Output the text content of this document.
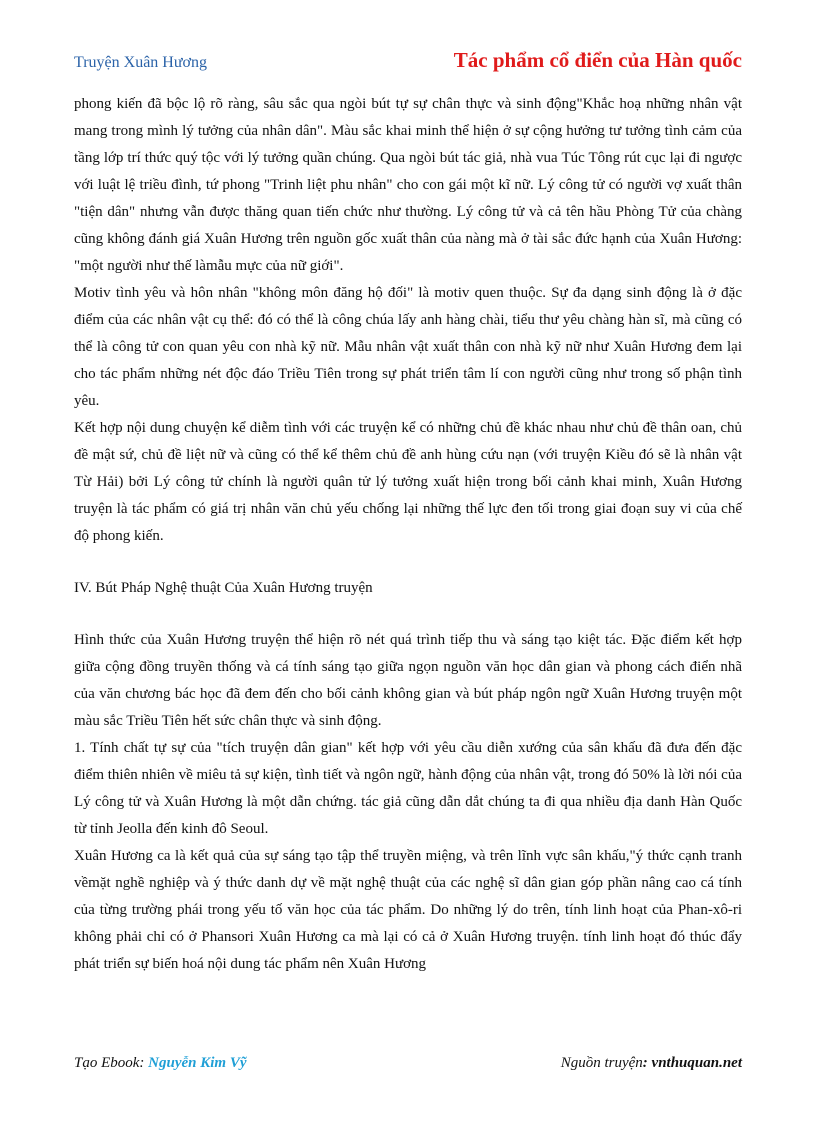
Truyện Xuân Hương	Tác phẩm cổ điển của Hàn quốc

phong kiến đã bộc lộ rõ ràng, sâu sắc qua ngòi bút tự sự chân thực và sinh động"Khắc hoạ những nhân vật mang trong mình lý tưởng của nhân dân". Màu sắc khai minh thể hiện ở sự cộng hưởng tư tưởng tình cảm của tầng lớp trí thức quý tộc với lý tưởng quần chúng. Qua ngòi bút tác giả, nhà vua Túc Tông rút cục lại đi ngược với luật lệ triều đình, tứ phong "Trinh liệt phu nhân" cho con gái một kĩ nữ. Lý công tử có người vợ xuất thân "tiện dân" nhưng vẫn được thăng quan tiến chức như thường. Lý công tử và cả tên hầu Phòng Tử của chàng cũng không đánh giá Xuân Hương trên nguồn gốc xuất thân của nàng mà ở tài sắc đức hạnh của Xuân Hương: "một người như thế làmẫu mực của nữ giới".

Motiv tình yêu và hôn nhân "không môn đăng hộ đối" là motiv quen thuộc. Sự đa dạng sinh động là ở đặc điểm của các nhân vật cụ thể: đó có thể là công chúa lấy anh hàng chài, tiểu thư yêu chàng hàn sĩ, mà cũng có thể là công tử con quan yêu con nhà kỹ nữ. Mẫu nhân vật xuất thân con nhà kỹ nữ như Xuân Hương đem lại cho tác phẩm những nét độc đáo Triều Tiên trong sự phát triển tâm lí con người cũng như trong số phận tình yêu.

Kết hợp nội dung chuyện kể diễm tình với các truyện kể có những chủ đề khác nhau như chủ đề thân oan, chủ đề mật sứ, chủ đề liệt nữ và cũng có thể kể thêm chủ đề anh hùng cứu nạn (với truyện Kiều đó sẽ là nhân vật Từ Hải) bởi Lý công tử chính là người quân tử lý tưởng xuất hiện trong bối cảnh khai minh, Xuân Hương truyện là tác phẩm có giá trị nhân văn chủ yếu chống lại những thế lực đen tối trong giai đoạn suy vi của chế độ phong kiến.

IV. Bút Pháp Nghệ thuật Của Xuân Hương truyện

Hình thức của Xuân Hương truyện thể hiện rõ nét quá trình tiếp thu và sáng tạo kiệt tác. Đặc điểm kết hợp giữa cộng đồng truyền thống và cá tính sáng tạo giữa ngọn nguồn văn học dân gian và phong cách điển nhã của văn chương bác học đã đem đến cho bối cảnh không gian và bút pháp ngôn ngữ Xuân Hương truyện một màu sắc Triều Tiên hết sức chân thực và sinh động.

1. Tính chất tự sự của "tích truyện dân gian" kết hợp với yêu cầu diễn xướng của sân khấu đã đưa đến đặc điểm thiên nhiên về miêu tả sự kiện, tình tiết và ngôn ngữ, hành động của nhân vật, trong đó 50% là lời nói của Lý công tử và Xuân Hương là một dẫn chứng. tác giả cũng dẫn dắt chúng ta đi qua nhiều địa danh Hàn Quốc từ tỉnh Jeolla đến kinh đô Seoul.

Xuân Hương ca là kết quả của sự sáng tạo tập thể truyền miệng, và trên lĩnh vực sân khấu,"ý thức cạnh tranh vềmặt nghề nghiệp và ý thức danh dự về mặt nghệ thuật của các nghệ sĩ dân gian góp phần nâng cao cá tính của từng trường phái trong yếu tố văn học của tác phẩm. Do những lý do trên, tính linh hoạt của Phan-xô-ri không phải chỉ có ở Phansori Xuân Hương ca mà lại có cả ở Xuân Hương truyện. tính linh hoạt đó thúc đẩy phát triển sự biến hoá nội dung tác phẩm nên Xuân Hương

Tạo Ebook: Nguyễn Kim Vỹ	Nguồn truyện: vnthuquan.net
